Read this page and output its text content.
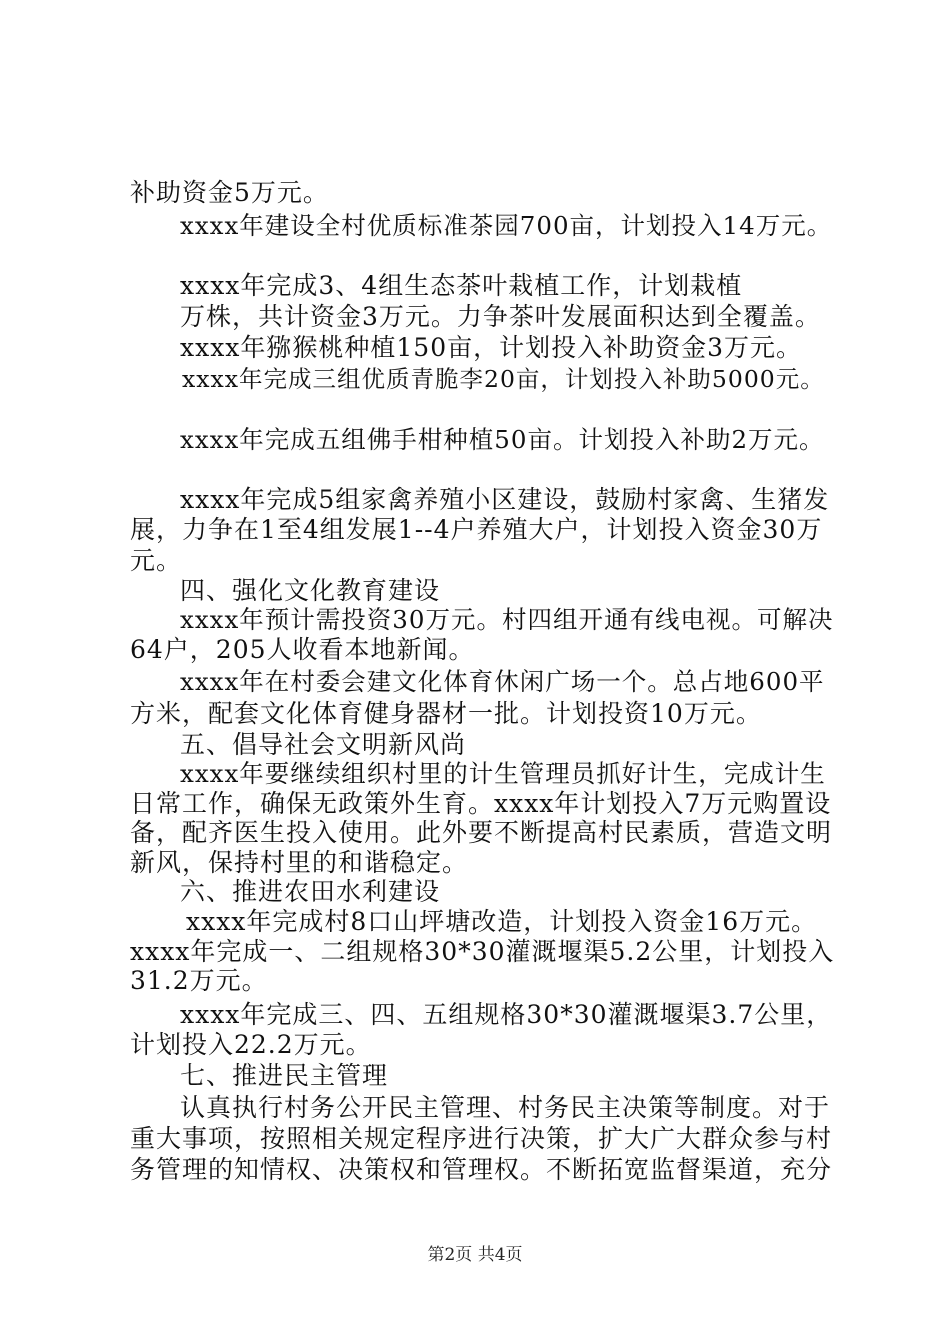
补助资金5万元。
xxxx年建设全村优质标准茶园700亩，计划投入14万元。
xxxx年完成3、4组生态茶叶栽植工作，计划栽植
万株，共计资金3万元。力争茶叶发展面积达到全覆盖。
xxxx年猕猴桃种植150亩，计划投入补助资金3万元。
xxxx年完成三组优质青脆李20亩，计划投入补助5000元。
xxxx年完成五组佛手柑种植50亩。计划投入补助2万元。
xxxx年完成5组家禽养殖小区建设，鼓励村家禽、生猪发
展，力争在1至4组发展1--4户养殖大户，计划投入资金30万
元。
四、强化文化教育建设
xxxx年预计需投资30万元。村四组开通有线电视。可解决
64户，205人收看本地新闻。
xxxx年在村委会建文化体育休闲广场一个。总占地600平
方米，配套文化体育健身器材一批。计划投资10万元。
五、倡导社会文明新风尚
xxxx年要继续组织村里的计生管理员抓好计生，完成计生
日常工作，确保无政策外生育。xxxx年计划投入7万元购置设
备，配齐医生投入使用。此外要不断提高村民素质，营造文明
新风，保持村里的和谐稳定。
六、推进农田水利建设
xxxx年完成村8口山坪塘改造，计划投入资金16万元。
xxxx年完成一、二组规格30*30灌溉堰渠5.2公里，计划投入
31.2万元。
xxxx年完成三、四、五组规格30*30灌溉堰渠3.7公里，
计划投入22.2万元。
七、推进民主管理
认真执行村务公开民主管理、村务民主决策等制度。对于
重大事项，按照相关规定程序进行决策，扩大广大群众参与村
务管理的知情权、决策权和管理权。不断拓宽监督渠道，充分
第2页 共4页
